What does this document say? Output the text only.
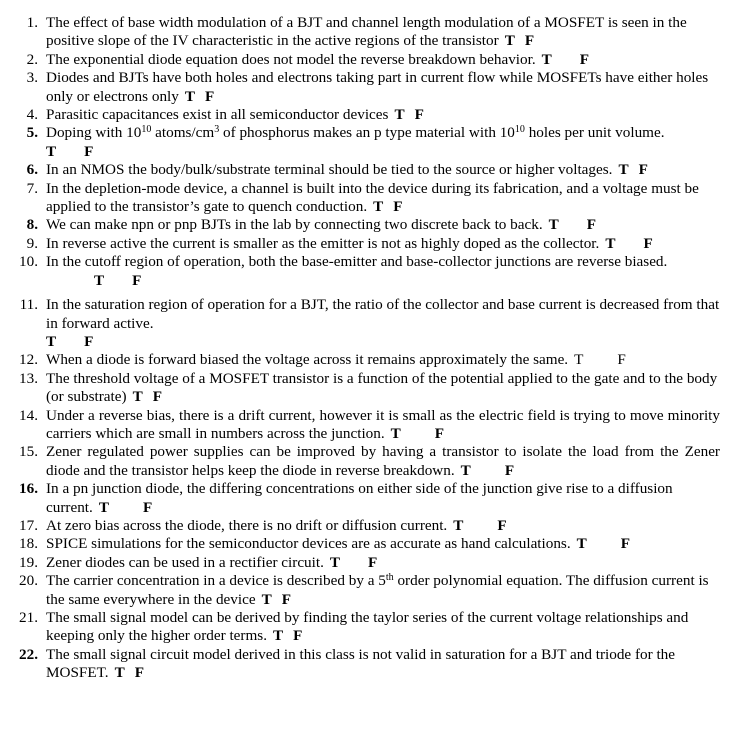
1. The effect of base width modulation of a BJT and channel length modulation of a MOSFET is seen in the positive slope of the IV characteristic in the active regions of the transistor T F
2. The exponential diode equation does not model the reverse breakdown behavior. T F
3. Diodes and BJTs have both holes and electrons taking part in current flow while MOSFETs have either holes only or electrons only T F
4. Parasitic capacitances exist in all semiconductor devices T F
5. Doping with $10^{10}$ atoms/$cm^3$ of phosphorus makes an p type material with $10^{10}$ holes per unit volume.
T F
6. In an NMOS the body/bulk/substrate terminal should be tied to the source or higher voltages. T F
7. In the depletion-mode device, a channel is built into the device during its fabrication, and a voltage must be applied to the transistor’s gate to quench conduction. T F
8. We can make npn or pnp BJTs in the lab by connecting two discrete back to back. T F
9. In reverse active the current is smaller as the emitter is not as highly doped as the collector. T F
10. In the cutoff region of operation, both the base-emitter and base-collector junctions are reverse biased.
T F
11. In the saturation region of operation for a BJT, the ratio of the collector and base current is decreased from that in forward active.
T F
12. When a diode is forward biased the voltage across it remains approximately the same. T F
13. The threshold voltage of a MOSFET transistor is a function of the potential applied to the gate and to the body (or substrate) T F
14. Under a reverse bias, there is a drift current, however it is small as the electric field is trying to move minority carriers which are small in numbers across the junction. T F
15. Zener regulated power supplies can be improved by having a transistor to isolate the load from the Zener diode and the transistor helps keep the diode in reverse breakdown. T F
16. In a pn junction diode, the differing concentrations on either side of the junction give rise to a diffusion current. T F
17. At zero bias across the diode, there is no drift or diffusion current. T F
18. SPICE simulations for the semiconductor devices are as accurate as hand calculations. T F
19. Zener diodes can be used in a rectifier circuit. T F
20. The carrier concentration in a device is described by a 5th order polynomial equation. The diffusion current is the same everywhere in the device T F
21. The small signal model can be derived by finding the taylor series of the current voltage relationships and keeping only the higher order terms. T F
22. The small signal circuit model derived in this class is not valid in saturation for a BJT and triode for the MOSFET. T F
